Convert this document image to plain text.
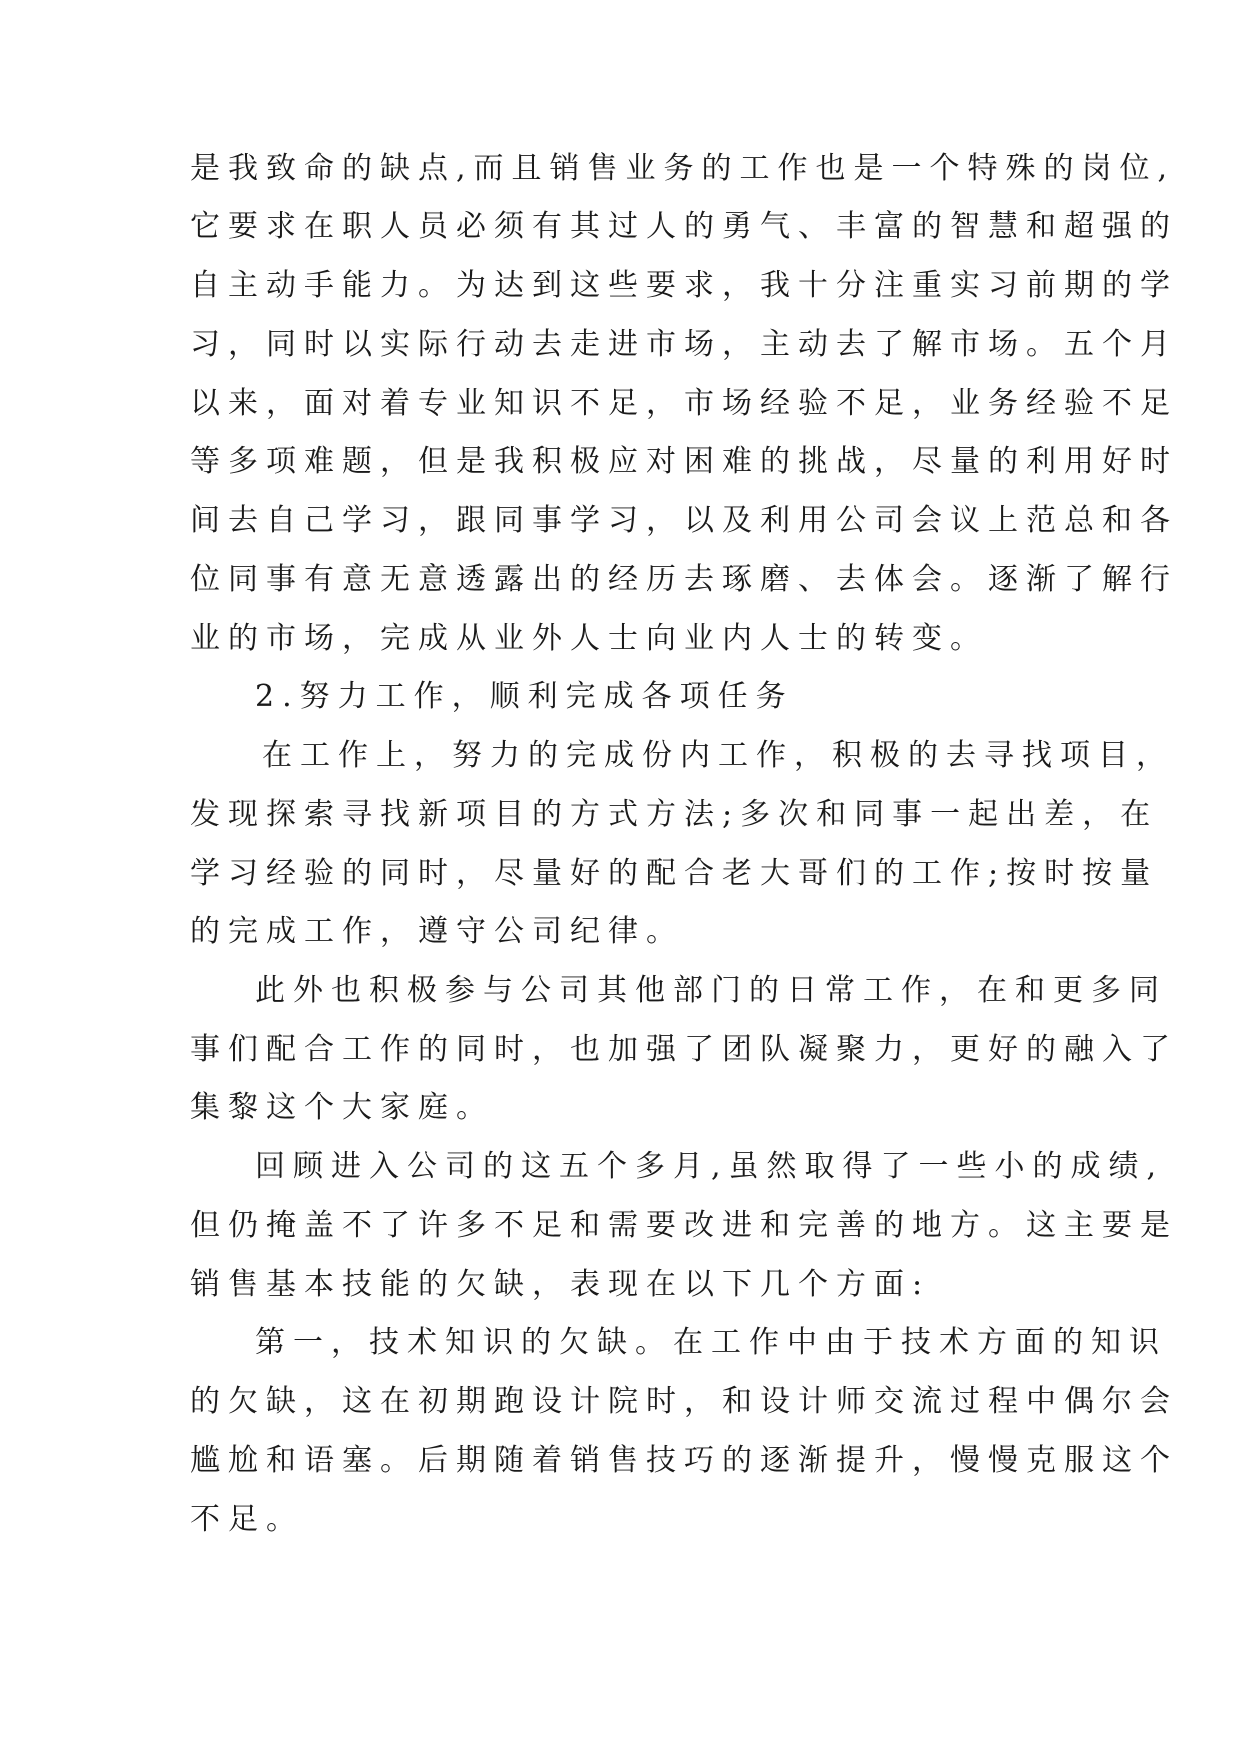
是我致命的缺点,而且销售业务的工作也是一个特殊的岗位,
它要求在职人员必须有其过人的勇气、丰富的智慧和超强的
自主动手能力。为达到这些要求，我十分注重实习前期的学
习，同时以实际行动去走进市场，主动去了解市场。五个月
以来，面对着专业知识不足，市场经验不足，业务经验不足
等多项难题，但是我积极应对困难的挑战，尽量的利用好时
间去自己学习，跟同事学习，以及利用公司会议上范总和各
位同事有意无意透露出的经历去琢磨、去体会。逐渐了解行
业的市场，完成从业外人士向业内人士的转变。
2.努力工作，顺利完成各项任务
在工作上，努力的完成份内工作，积极的去寻找项目，
发现探索寻找新项目的方式方法;多次和同事一起出差，在
学习经验的同时，尽量好的配合老大哥们的工作;按时按量
的完成工作，遵守公司纪律。
此外也积极参与公司其他部门的日常工作，在和更多同
事们配合工作的同时，也加强了团队凝聚力，更好的融入了
集黎这个大家庭。
回顾进入公司的这五个多月,虽然取得了一些小的成绩,
但仍掩盖不了许多不足和需要改进和完善的地方。这主要是
销售基本技能的欠缺，表现在以下几个方面:
第一，技术知识的欠缺。在工作中由于技术方面的知识
的欠缺，这在初期跑设计院时，和设计师交流过程中偶尔会
尴尬和语塞。后期随着销售技巧的逐渐提升，慢慢克服这个
不足。
